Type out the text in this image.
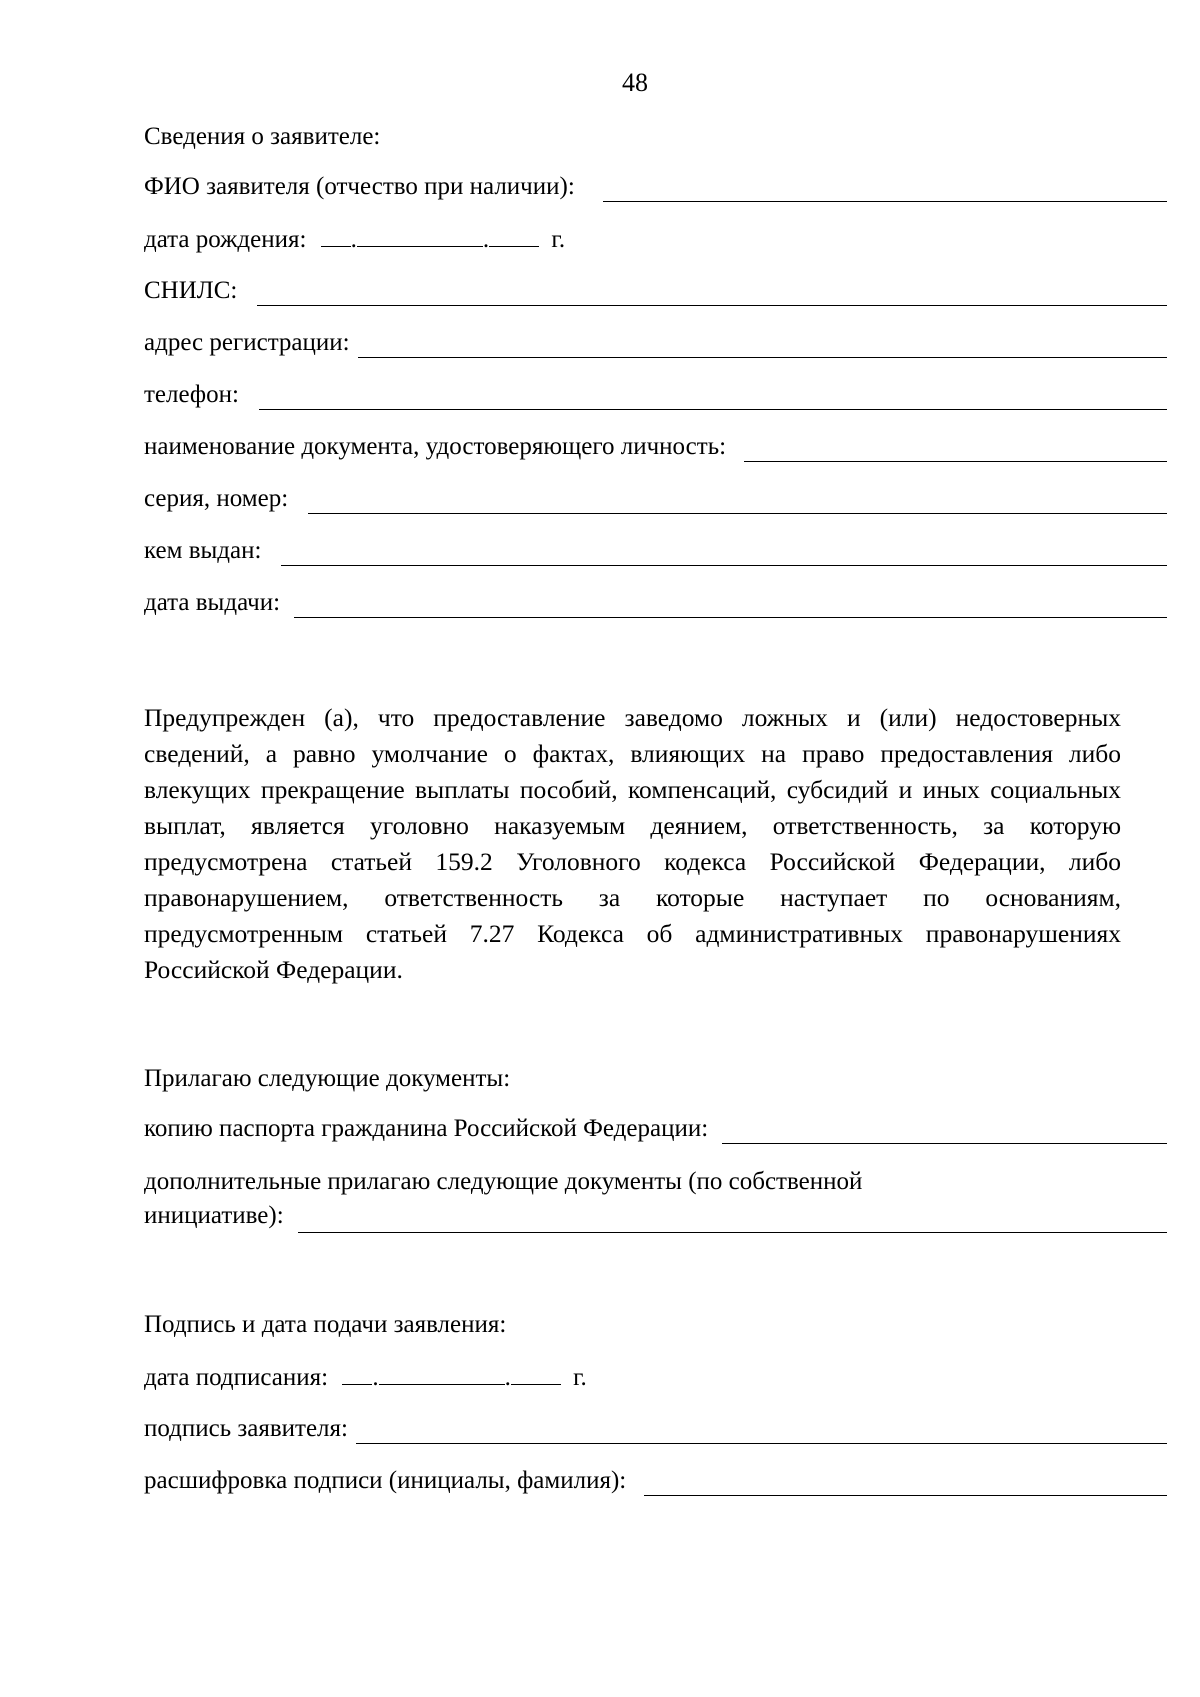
48
Сведения о заявителе:
ФИО заявителя (отчество при наличии):
дата рождения: .	. г.
СНИЛС:
адрес регистрации:
телефон:
наименование документа, удостоверяющего личность:
серия, номер:
кем выдан:
дата выдачи:
Предупрежден (а), что предоставление заведомо ложных и (или) недостоверных сведений, а равно умолчание о фактах, влияющих на право предоставления либо влекущих прекращение выплаты пособий, компенсаций, субсидий и иных социальных выплат, является уголовно наказуемым деянием, ответственность, за которую предусмотрена статьей 159.2 Уголовного кодекса Российской Федерации, либо правонарушением, ответственность за которые наступает по основаниям, предусмотренным статьей 7.27 Кодекса об административных правонарушениях Российской Федерации.
Прилагаю следующие документы:
копию паспорта гражданина Российской Федерации:
дополнительные прилагаю следующие документы (по собственной
инициативе):
Подпись и дата подачи заявления:
дата подписания: .	. г.
подпись заявителя:
расшифровка подписи (инициалы, фамилия):
